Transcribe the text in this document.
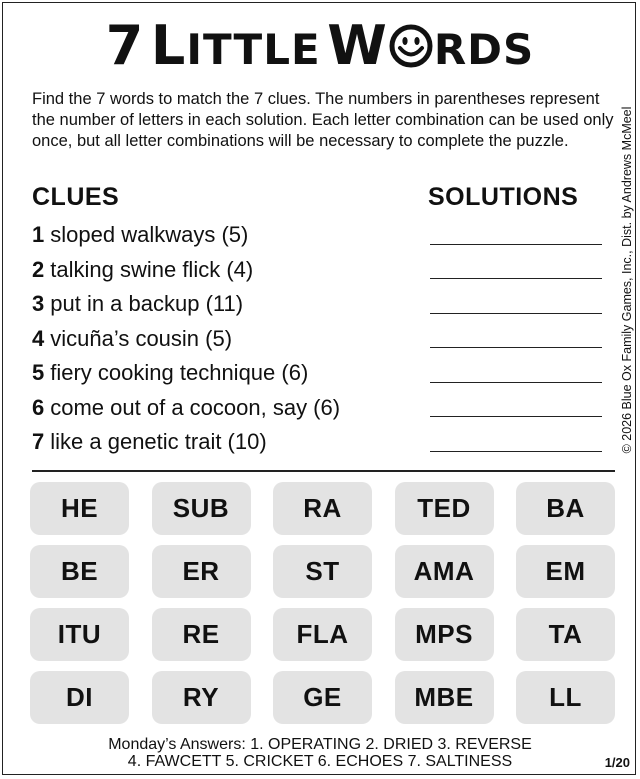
7 LITTLE W RDS
Find the 7 words to match the 7 clues. The numbers in parentheses represent the number of letters in each solution. Each letter combination can be used only once, but all letter combinations will be necessary to complete the puzzle.	© 2026 Blue Ox Family Games, Inc., Dist. by Andrews McMeel
CLUES	SOLUTIONS
1 sloped walkways (5)
2 talking swine flick (4)
3 put in a backup (11)
4 vicuña’s cousin (5)
5 fiery cooking technique (6)
6 come out of a cocoon, say (6)
7 like a genetic trait (10)
HE	SUB	RA	TED	BA
BE	ER	ST	AMA	EM
ITU	RE	FLA	MPS	TA
DI	RY	GE	MBE	LL
Monday’s Answers: 1. OPERATING 2. DRIED 3. REVERSE
4. FAWCETT 5. CRICKET 6. ECHOES 7. SALTINESS	1/20
